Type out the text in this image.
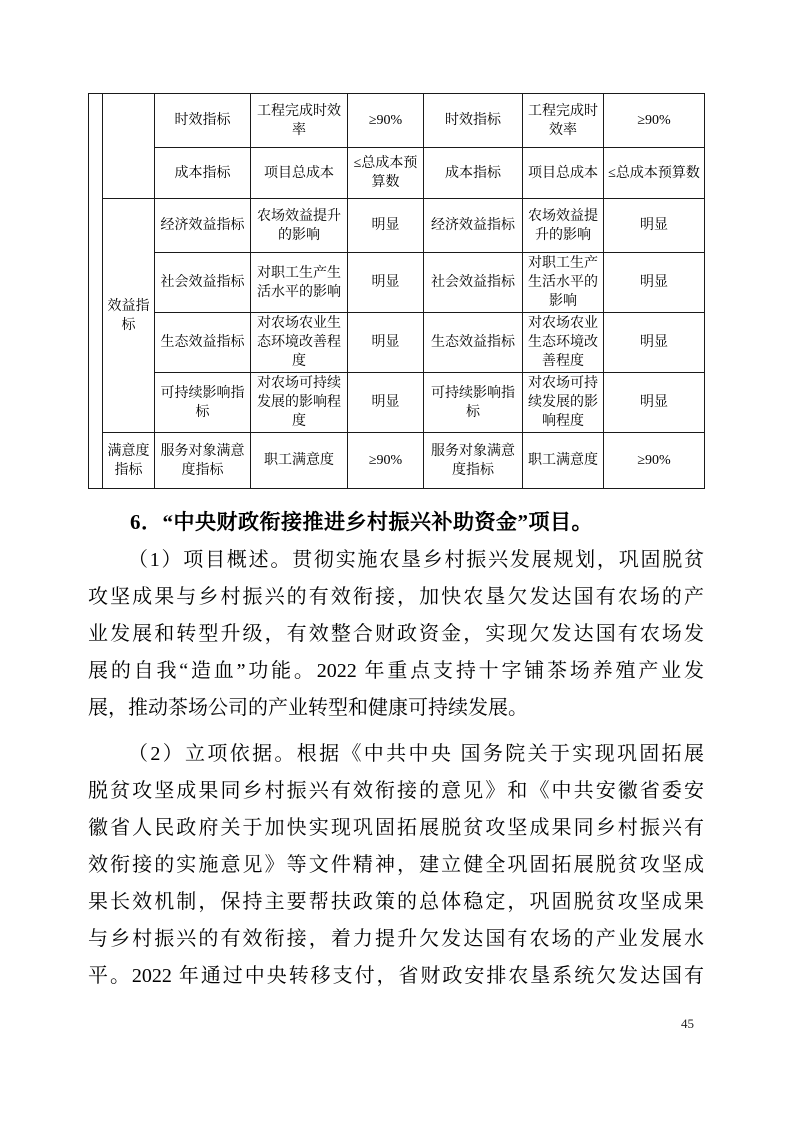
		时效指标	工程完成时效率	≥90%	时效指标	工程完成时效率	≥90%
		成本指标	项目总成本	≤总成本预算数	成本指标	项目总成本	≤总成本预算数
	效益指标	经济效益指标	农场效益提升的影响	明显	经济效益指标	农场效益提升的影响	明显
		社会效益指标	对职工生产生活水平的影响	明显	社会效益指标	对职工生产生活水平的影响	明显
		生态效益指标	对农场农业生态环境改善程度	明显	生态效益指标	对农场农业生态环境改善程度	明显
		可持续影响指标	对农场可持续发展的影响程度	明显	可持续影响指标	对农场可持续发展的影响程度	明显
	满意度指标	服务对象满意度指标	职工满意度	≥90%	服务对象满意度指标	职工满意度	≥90%
6．“中央财政衔接推进乡村振兴补助资金”项目。
（1）项目概述。贯彻实施农垦乡村振兴发展规划，巩固脱贫
攻坚成果与乡村振兴的有效衔接，加快农垦欠发达国有农场的产
业发展和转型升级，有效整合财政资金，实现欠发达国有农场发
展的自我“造血”功能。2022 年重点支持十字铺茶场养殖产业发
展，推动茶场公司的产业转型和健康可持续发展。
（2）立项依据。根据《中共中央 国务院关于实现巩固拓展
脱贫攻坚成果同乡村振兴有效衔接的意见》和《中共安徽省委安
徽省人民政府关于加快实现巩固拓展脱贫攻坚成果同乡村振兴有
效衔接的实施意见》等文件精神，建立健全巩固拓展脱贫攻坚成
果长效机制，保持主要帮扶政策的总体稳定，巩固脱贫攻坚成果
与乡村振兴的有效衔接，着力提升欠发达国有农场的产业发展水
平。2022 年通过中央转移支付，省财政安排农垦系统欠发达国有
45
